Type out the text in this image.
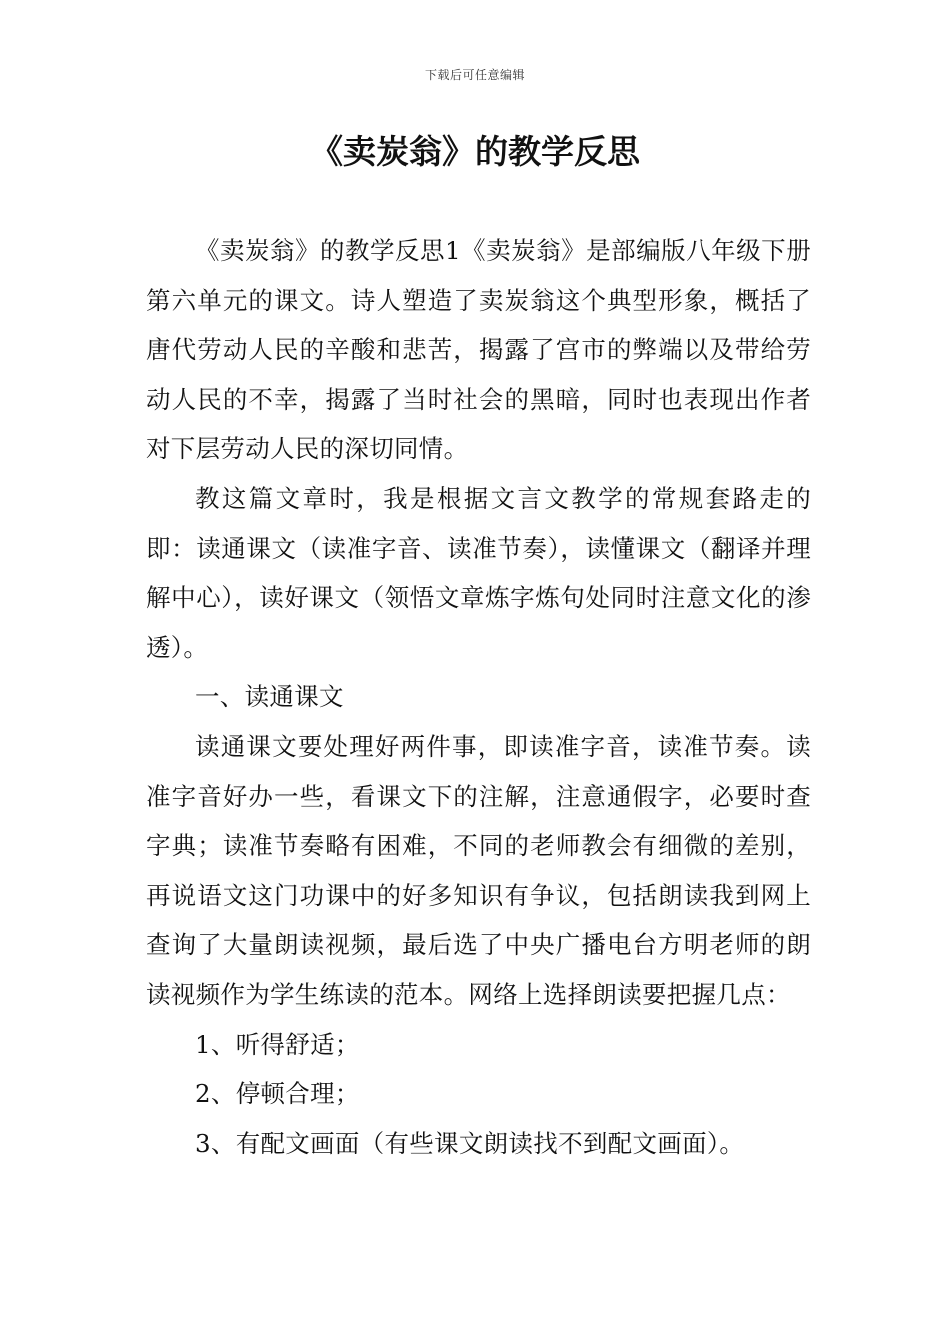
下载后可任意编辑
《卖炭翁》的教学反思

《卖炭翁》的教学反思1《卖炭翁》是部编版八年级下册第六单元的课文。诗人塑造了卖炭翁这个典型形象，概括了唐代劳动人民的辛酸和悲苦，揭露了宫市的弊端以及带给劳动人民的不幸，揭露了当时社会的黑暗，同时也表现出作者对下层劳动人民的深切同情。

教这篇文章时，我是根据文言文教学的常规套路走的即：读通课文（读准字音、读准节奏），读懂课文（翻译并理解中心），读好课文（领悟文章炼字炼句处同时注意文化的渗透）。

一、读通课文

读通课文要处理好两件事，即读准字音，读准节奏。读准字音好办一些，看课文下的注解，注意通假字，必要时查字典；读准节奏略有困难，不同的老师教会有细微的差别，再说语文这门功课中的好多知识有争议，包括朗读我到网上查询了大量朗读视频，最后选了中央广播电台方明老师的朗读视频作为学生练读的范本。网络上选择朗读要把握几点：

1、听得舒适；

2、停顿合理；

3、有配文画面（有些课文朗读找不到配文画面）。
